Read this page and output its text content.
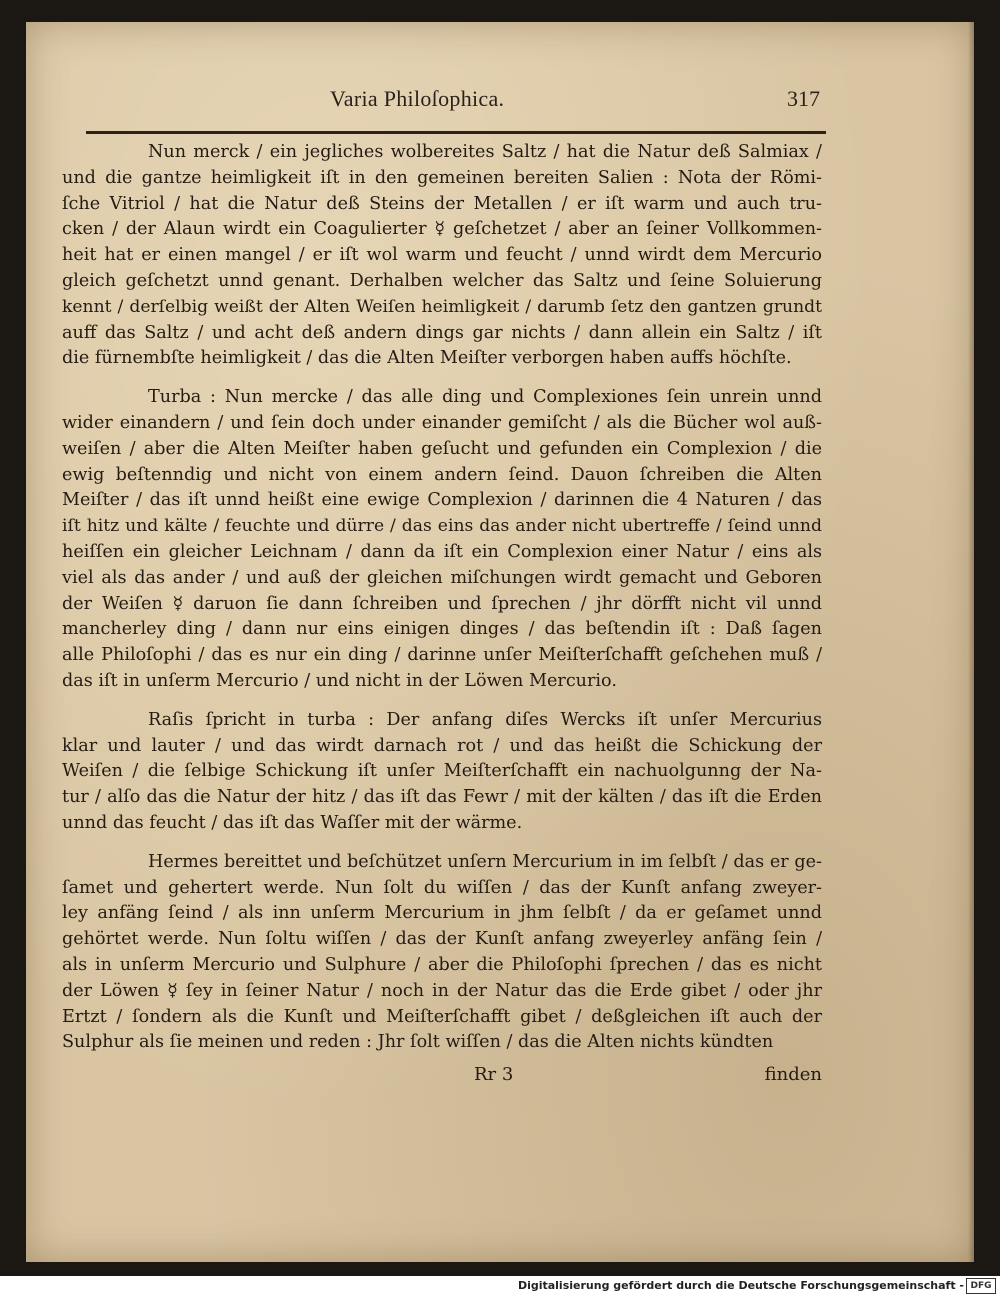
Varia Philoſophica.	317
Nun merck / ein jegliches wolbereites Saltz / hat die Natur deß Salmiax /
und die gantze heimligkeit iſt in den gemeinen bereiten Salien : Nota der Römi-
ſche Vitriol / hat die Natur deß Steins der Metallen / er iſt warm und auch tru-
cken / der Alaun wirdt ein Coagulierter ☿ geſchetzet / aber an ſeiner Vollkommen-
heit hat er einen mangel / er iſt wol warm und feucht / unnd wirdt dem Mercurio
gleich geſchetzt unnd genant. Derhalben welcher das Saltz und ſeine Soluierung
kennt / derſelbig weißt der Alten Weiſen heimligkeit / darumb ſetz den gantzen grundt
auff das Saltz / und acht deß andern dings gar nichts / dann allein ein Saltz / iſt
die fürnembſte heimligkeit / das die Alten Meiſter verborgen haben auffs höchſte.
Turba : Nun mercke / das alle ding und Complexiones ſein unrein unnd
wider einandern / und ſein doch under einander gemiſcht / als die Bücher wol auß-
weiſen / aber die Alten Meiſter haben geſucht und gefunden ein Complexion / die
ewig beſtenndig und nicht von einem andern ſeind. Dauon ſchreiben die Alten
Meiſter / das iſt unnd heißt eine ewige Complexion / darinnen die 4 Naturen / das
iſt hitz und kälte / feuchte und dürre / das eins das ander nicht ubertreffe / ſeind unnd
heiſſen ein gleicher Leichnam / dann da iſt ein Complexion einer Natur / eins als
viel als das ander / und auß der gleichen miſchungen wirdt gemacht und Geboren
der Weiſen ☿ daruon ſie dann ſchreiben und ſprechen / jhr dörfft nicht vil unnd
mancherley ding / dann nur eins einigen dinges / das beſtendin iſt : Daß ſagen
alle Philoſophi / das es nur ein ding / darinne unſer Meiſterſchafft geſchehen muß /
das iſt in unſerm Mercurio / und nicht in der Löwen Mercurio.
Raſis ſpricht in turba : Der anfang diſes Wercks iſt unſer Mercurius
klar und lauter / und das wirdt darnach rot / und das heißt die Schickung der
Weiſen / die ſelbige Schickung iſt unſer Meiſterſchafft ein nachuolgunng der Na-
tur / alſo das die Natur der hitz / das iſt das Fewr / mit der kälten / das iſt die Erden
unnd das feucht / das iſt das Waſſer mit der wärme.
Hermes bereittet und beſchützet unſern Mercurium in im ſelbſt / das er ge-
ſamet und gehertert werde. Nun ſolt du wiſſen / das der Kunſt anfang zweyer-
ley anfäng ſeind / als inn unſerm Mercurium in jhm ſelbſt / da er geſamet unnd
gehörtet werde. Nun ſoltu wiſſen / das der Kunſt anfang zweyerley anfäng ſein /
als in unſerm Mercurio und Sulphure / aber die Philoſophi ſprechen / das es nicht
der Löwen ☿ ſey in ſeiner Natur / noch in der Natur das die Erde gibet / oder jhr
Ertzt / ſondern als die Kunſt und Meiſterſchafft gibet / deßgleichen iſt auch der
Sulphur als ſie meinen und reden : Jhr ſolt wiſſen / das die Alten nichts kündten
Rr 3	finden
Digitalisierung gefördert durch die Deutsche Forschungsgemeinschaft - DFG
